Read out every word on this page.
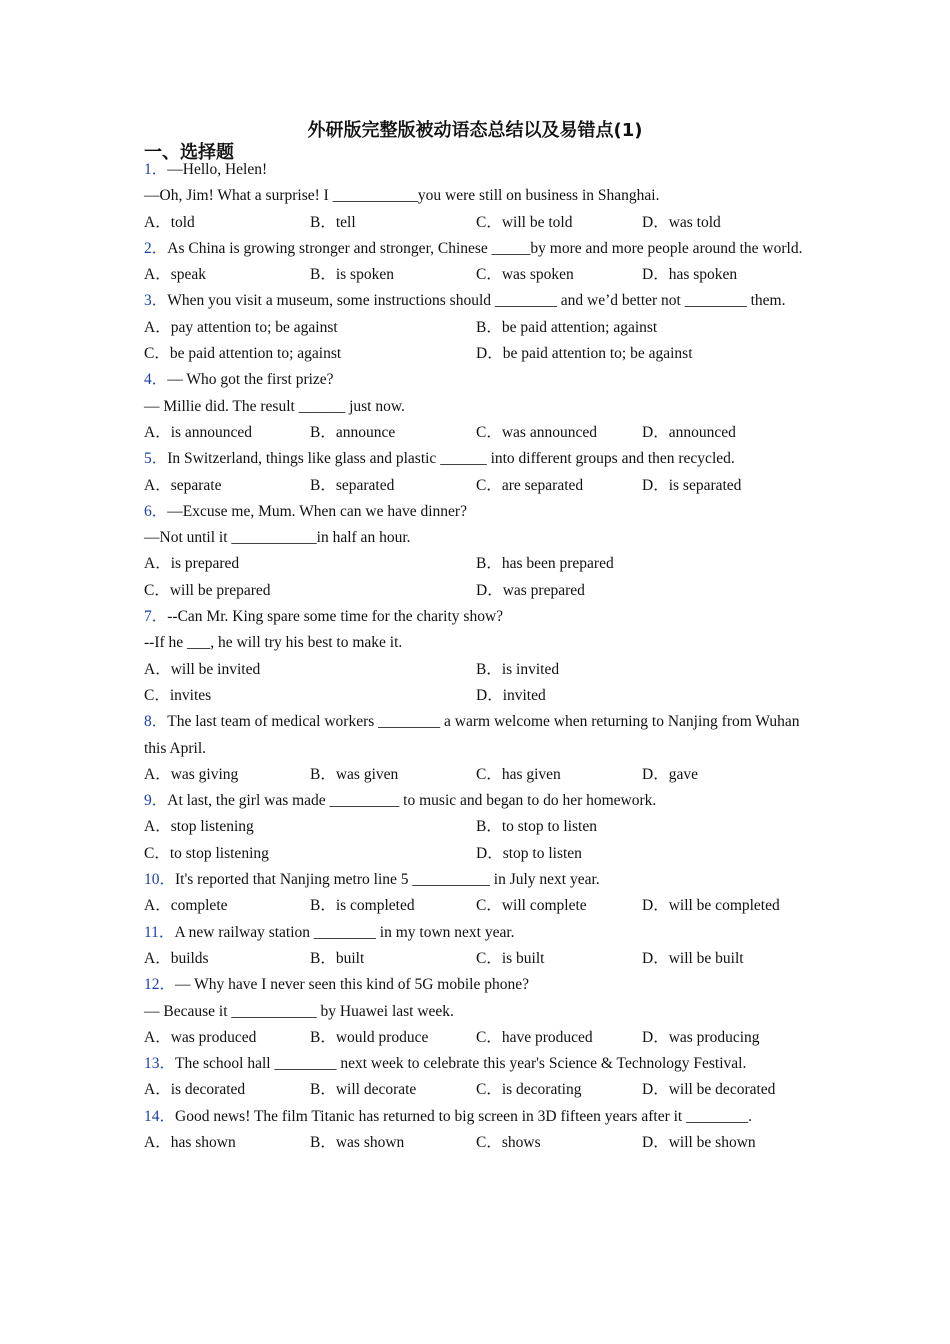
外研版完整版被动语态总结以及易错点(1)
一、选择题
1．—Hello, Helen!
—Oh, Jim! What a surprise! I ___________you were still on business in Shanghai.
A．told	B．tell	C．will be told	D．was told
2．As China is growing stronger and stronger, Chinese _____by more and more people around the world.
A．speak	B．is spoken	C．was spoken	D．has spoken
3．When you visit a museum, some instructions should ________ and we’d better not ________ them.
A．pay attention to; be against	B．be paid attention; against
C．be paid attention to; against	D．be paid attention to; be against
4．— Who got the first prize?
— Millie did. The result ______ just now.
A．is announced	B．announce	C．was announced	D．announced
5．In Switzerland, things like glass and plastic ______ into different groups and then recycled.
A．separate	B．separated	C．are separated	D．is separated
6．—Excuse me, Mum. When can we have dinner?
—Not until it ___________in half an hour.
A．is prepared	B．has been prepared
C．will be prepared	D．was prepared
7．--Can Mr. King spare some time for the charity show?
--If he ___, he will try his best to make it.
A．will be invited	B．is invited
C．invites	D．invited
8．The last team of medical workers ________ a warm welcome when returning to Nanjing from Wuhan this April.
A．was giving	B．was given	C．has given	D．gave
9．At last, the girl was made _________ to music and began to do her homework.
A．stop listening	B．to stop to listen
C．to stop listening	D．stop to listen
10．It's reported that Nanjing metro line 5 __________ in July next year.
A．complete	B．is completed	C．will complete	D．will be completed
11．A new railway station ________ in my town next year.
A．builds	B．built	C．is built	D．will be built
12．— Why have I never seen this kind of 5G mobile phone?
— Because it ___________ by Huawei last week.
A．was produced	B．would produce	C．have produced	D．was producing
13．The school hall ________ next week to celebrate this year's Science & Technology Festival.
A．is decorated	B．will decorate	C．is decorating	D．will be decorated
14．Good news! The film Titanic has returned to big screen in 3D fifteen years after it ________.
A．has shown	B．was shown	C．shows	D．will be shown
